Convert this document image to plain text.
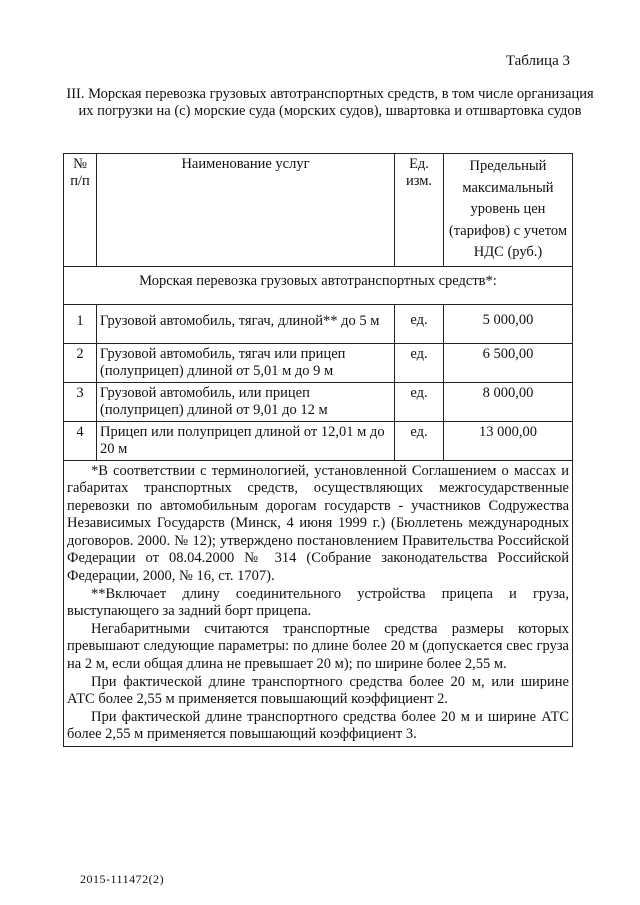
Таблица 3
III. Морская перевозка грузовых автотранспортных средств, в том числе организация их погрузки на (с) морские суда (морских судов), швартовка и отшвартовка судов
№ п/п	Наименование услуг	Ед. изм.	Предельный максимальный уровень цен (тарифов) с учетом НДС (руб.)
Морская перевозка грузовых автотранспортных средств*:			
1	Грузовой автомобиль, тягач, длиной** до 5 м	ед.	5 000,00
2	Грузовой автомобиль, тягач или прицеп (полуприцеп) длиной от 5,01 м до 9 м	ед.	6 500,00
3	Грузовой автомобиль, или прицеп (полуприцеп) длиной от 9,01 до 12 м	ед.	8 000,00
4	Прицеп или полуприцеп длиной от 12,01 м до 20 м	ед.	13 000,00

*В соответствии с терминологией, установленной Соглашением о массах и габаритах транспортных средств, осуществляющих межгосударственные перевозки по автомобильным дорогам государств - участников Содружества Независимых Государств (Минск, 4 июня 1999 г.) (Бюллетень международных договоров. 2000. № 12); утверждено постановлением Правительства Российской Федерации от 08.04.2000 № 314 (Собрание законодательства Российской Федерации, 2000, № 16, ст. 1707).

**Включает длину соединительного устройства прицепа и груза, выступающего за задний борт прицепа.

Негабаритными считаются транспортные средства размеры которых превышают следующие параметры: по длине более 20 м (допускается свес груза на 2 м, если общая длина не превышает 20 м); по ширине более 2,55 м.

При фактической длине транспортного средства более 20 м, или ширине АТС более 2,55 м применяется повышающий коэффициент 2.

При фактической длине транспортного средства более 20 м и ширине АТС более 2,55 м применяется повышающий коэффициент 3.			

2015-111472(2)
